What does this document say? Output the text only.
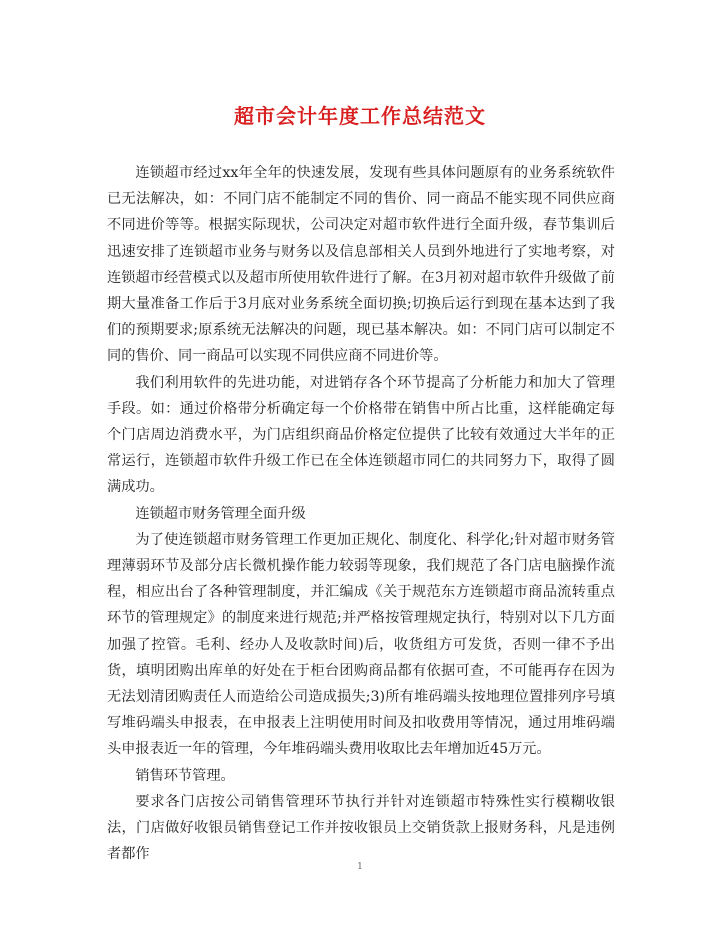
超市会计年度工作总结范文

连锁超市经过xx年全年的快速发展，发现有些具体问题原有的业务系统软件已无法解决，如：不同门店不能制定不同的售价、同一商品不能实现不同供应商不同进价等等。根据实际现状，公司决定对超市软件进行全面升级，春节集训后迅速安排了连锁超市业务与财务以及信息部相关人员到外地进行了实地考察，对连锁超市经营模式以及超市所使用软件进行了解。在3月初对超市软件升级做了前期大量准备工作后于3月底对业务系统全面切换;切换后运行到现在基本达到了我们的预期要求;原系统无法解决的问题，现已基本解决。如：不同门店可以制定不同的售价、同一商品可以实现不同供应商不同进价等。

我们利用软件的先进功能，对进销存各个环节提高了分析能力和加大了管理手段。如：通过价格带分析确定每一个价格带在销售中所占比重，这样能确定每个门店周边消费水平，为门店组织商品价格定位提供了比较有效通过大半年的正常运行，连锁超市软件升级工作已在全体连锁超市同仁的共同努力下，取得了圆满成功。

连锁超市财务管理全面升级

为了使连锁超市财务管理工作更加正规化、制度化、科学化;针对超市财务管理薄弱环节及部分店长微机操作能力较弱等现象，我们规范了各门店电脑操作流程，相应出台了各种管理制度，并汇编成《关于规范东方连锁超市商品流转重点环节的管理规定》的制度来进行规范;并严格按管理规定执行，特别对以下几方面加强了控管。毛利、经办人及收款时间)后，收货组方可发货，否则一律不予出货，填明团购出库单的好处在于柜台团购商品都有依据可查，不可能再存在因为无法划清团购责任人而造给公司造成损失;3)所有堆码端头按地理位置排列序号填写堆码端头申报表，在申报表上注明使用时间及扣收费用等情况，通过用堆码端头申报表近一年的管理，今年堆码端头费用收取比去年增加近45万元。

销售环节管理。

要求各门店按公司销售管理环节执行并针对连锁超市特殊性实行模糊收银法，门店做好收银员销售登记工作并按收银员上交销货款上报财务科，凡是违例者都作

1
